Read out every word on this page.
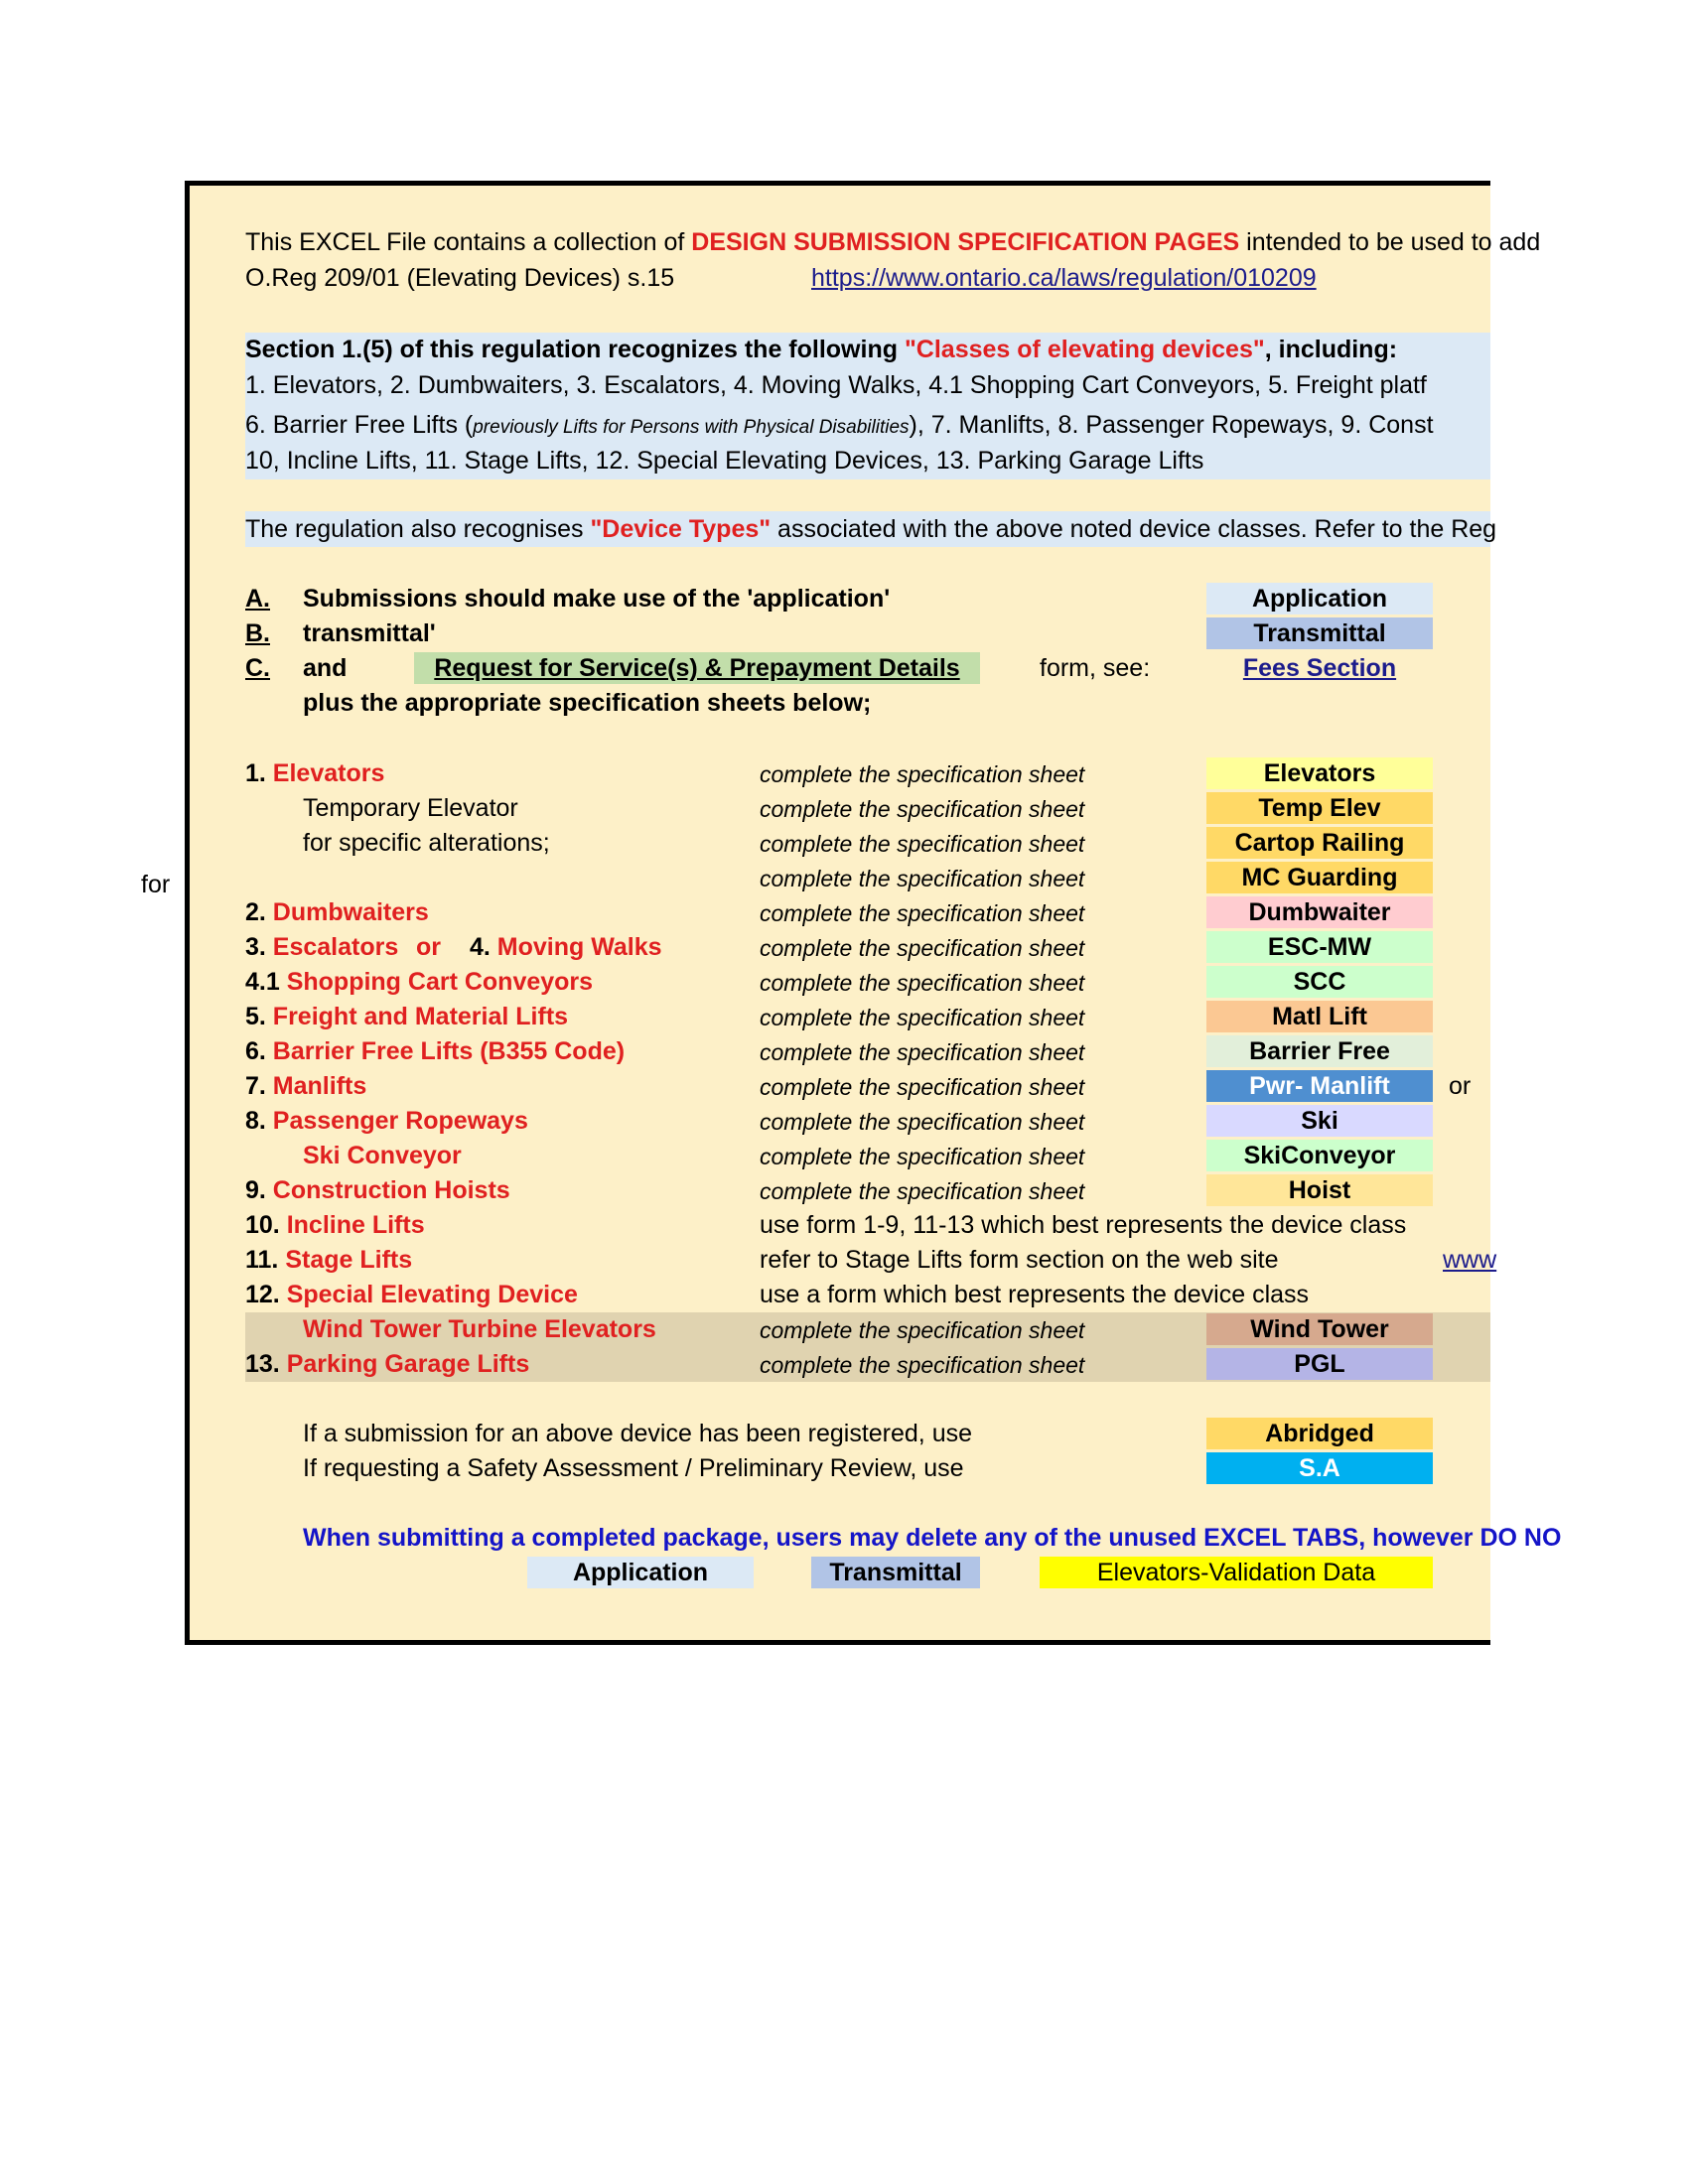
for
This EXCEL File contains a collection of DESIGN SUBMISSION SPECIFICATION PAGES intended to be used to add
O.Reg 209/01 (Elevating Devices) s.15	https://www.ontario.ca/laws/regulation/010209
Section 1.(5) of this regulation recognizes the following "Classes of elevating devices", including:
1. Elevators, 2. Dumbwaiters, 3. Escalators, 4. Moving Walks, 4.1 Shopping Cart Conveyors, 5. Freight platf
6. Barrier Free Lifts (previously Lifts for Persons with Physical Disabilities), 7. Manlifts, 8. Passenger Ropeways, 9. Const
10, Incline Lifts, 11. Stage Lifts, 12. Special Elevating Devices, 13. Parking Garage Lifts
The regulation also recognises "Device Types" associated with the above noted device classes. Refer to the Reg
A. Submissions should make use of the 'application'	Application
B. transmittal'	Transmittal
C. and	Request for Service(s) & Prepayment Details	form, see:	Fees Section
plus the appropriate specification sheets below;
1. Elevators	complete the specification sheet	Elevators
Temporary Elevator	complete the specification sheet	Temp Elev
for specific alterations;	complete the specification sheet	Cartop Railing
complete the specification sheet	MC Guarding
2. Dumbwaiters	complete the specification sheet	Dumbwaiter
3. Escalators or 4. Moving Walks	complete the specification sheet	ESC-MW
4.1 Shopping Cart Conveyors	complete the specification sheet	SCC
5. Freight and Material Lifts	complete the specification sheet	Matl Lift
6. Barrier Free Lifts (B355 Code)	complete the specification sheet	Barrier Free
7. Manlifts	complete the specification sheet	Pwr- Manlift	or
8. Passenger Ropeways	complete the specification sheet	Ski
Ski Conveyor	complete the specification sheet	SkiConveyor
9. Construction Hoists	complete the specification sheet	Hoist
10. Incline Lifts	use form 1-9, 11-13 which best represents the device class
11. Stage Lifts	refer to Stage Lifts form section on the web site	www
12. Special Elevating Device	use a form which best represents the device class
Wind Tower Turbine Elevators	complete the specification sheet	Wind Tower
13. Parking Garage Lifts	complete the specification sheet	PGL
If a submission for an above device has been registered, use	Abridged
If requesting a Safety Assessment / Preliminary Review, use	S.A
When submitting a completed package, users may delete any of the unused EXCEL TABS, however DO NO
Application	Transmittal	Elevators-Validation Data
